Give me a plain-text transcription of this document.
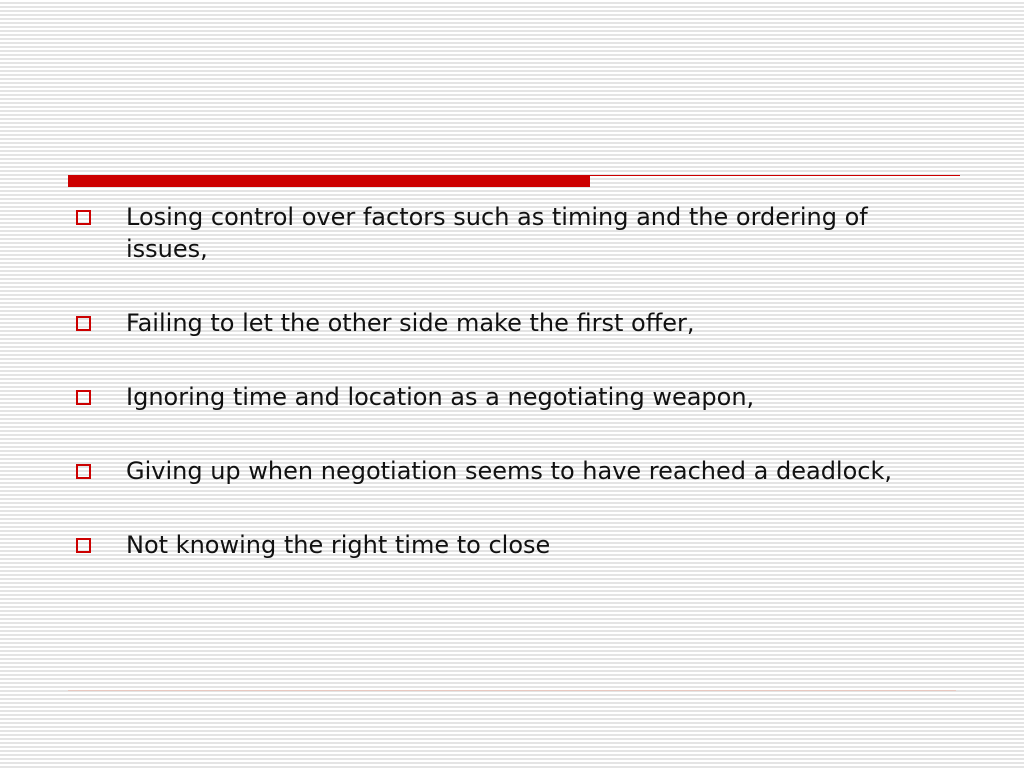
Losing control over factors such as timing and the ordering of issues,
Failing to let the other side make the first offer,
Ignoring time and location as a negotiating weapon,
Giving up when negotiation seems to have reached a deadlock,
Not knowing the right time to close
